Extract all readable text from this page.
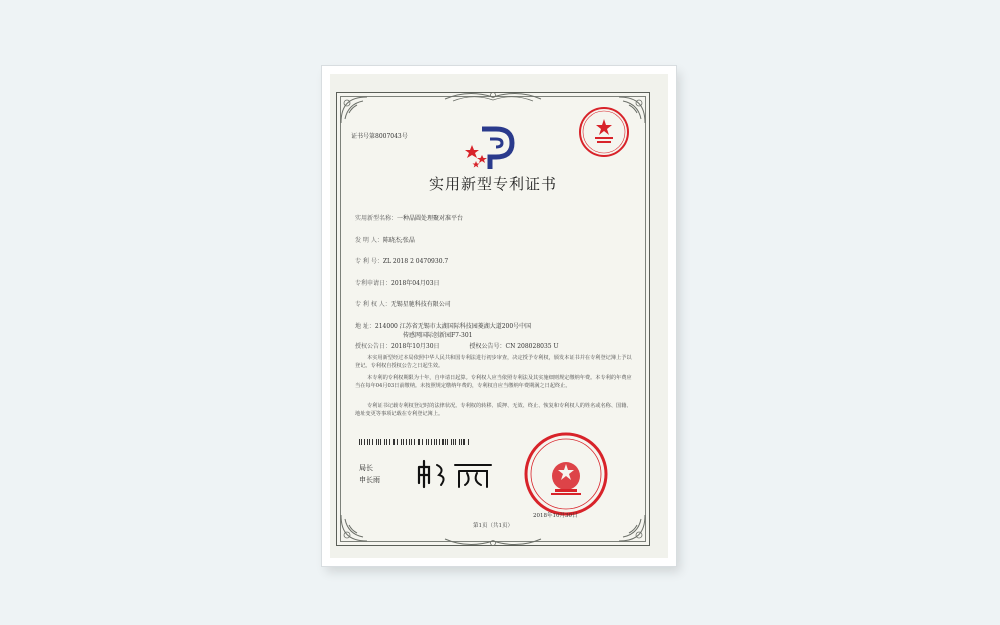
证书号第8007043号
实用新型专利证书
实用新型名称：一种晶圆处理聚对准平台
发 明 人：陈晓杰;张晶
专 利 号：ZL 2018 2 0470930.7
专利申请日：2018年04月03日
专 利 权 人：无锡星驰科技有限公司
地 址：214000 江苏省无锡市太湖国际科技园菱湖大道200号中国
传感网国际创新园F7-301
授权公告日：2018年10月30日	授权公告号：CN 208028035 U
本实用新型经过本局依照中华人民共和国专利法进行初步审查，决定授予专利权，颁发本证书并在专利登记簿上予以登记。专利权自授权公告之日起生效。
本专利的专利权期限为十年，自申请日起算。专利权人应当依照专利法及其实施细则规定缴纳年费。本专利的年费应当在每年04月03日前缴纳。未按照规定缴纳年费的，专利权自应当缴纳年费期满之日起终止。
专利证书记载专利权登记时的法律状况。专利权的转移、质押、无效、终止、恢复和专利权人的姓名或名称、国籍、地址变更等事项记载在专利登记簿上。
局长
申长雨
2018年10月30日
第1页（共1页）
